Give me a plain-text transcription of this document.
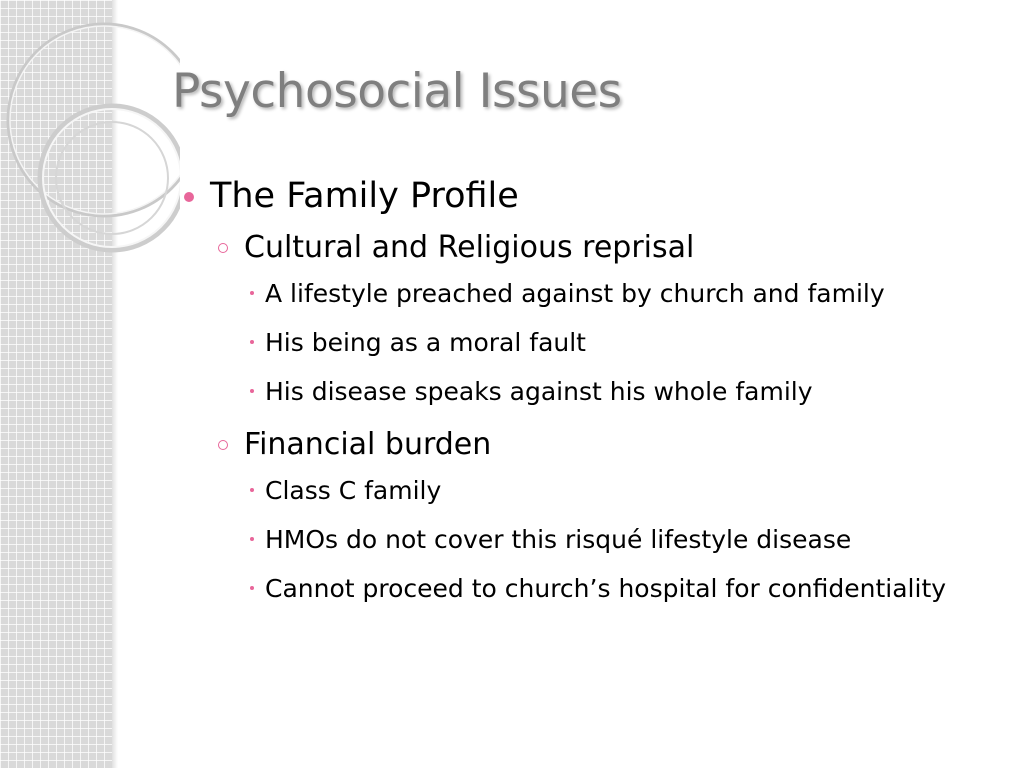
Psychosocial Issues
The Family Profile
Cultural and Religious reprisal
A lifestyle preached against by church and family
His being as a moral fault
His disease speaks against his whole family
Financial burden
Class C family
HMOs do not cover this risqué lifestyle disease
Cannot proceed to church’s hospital for confidentiality
